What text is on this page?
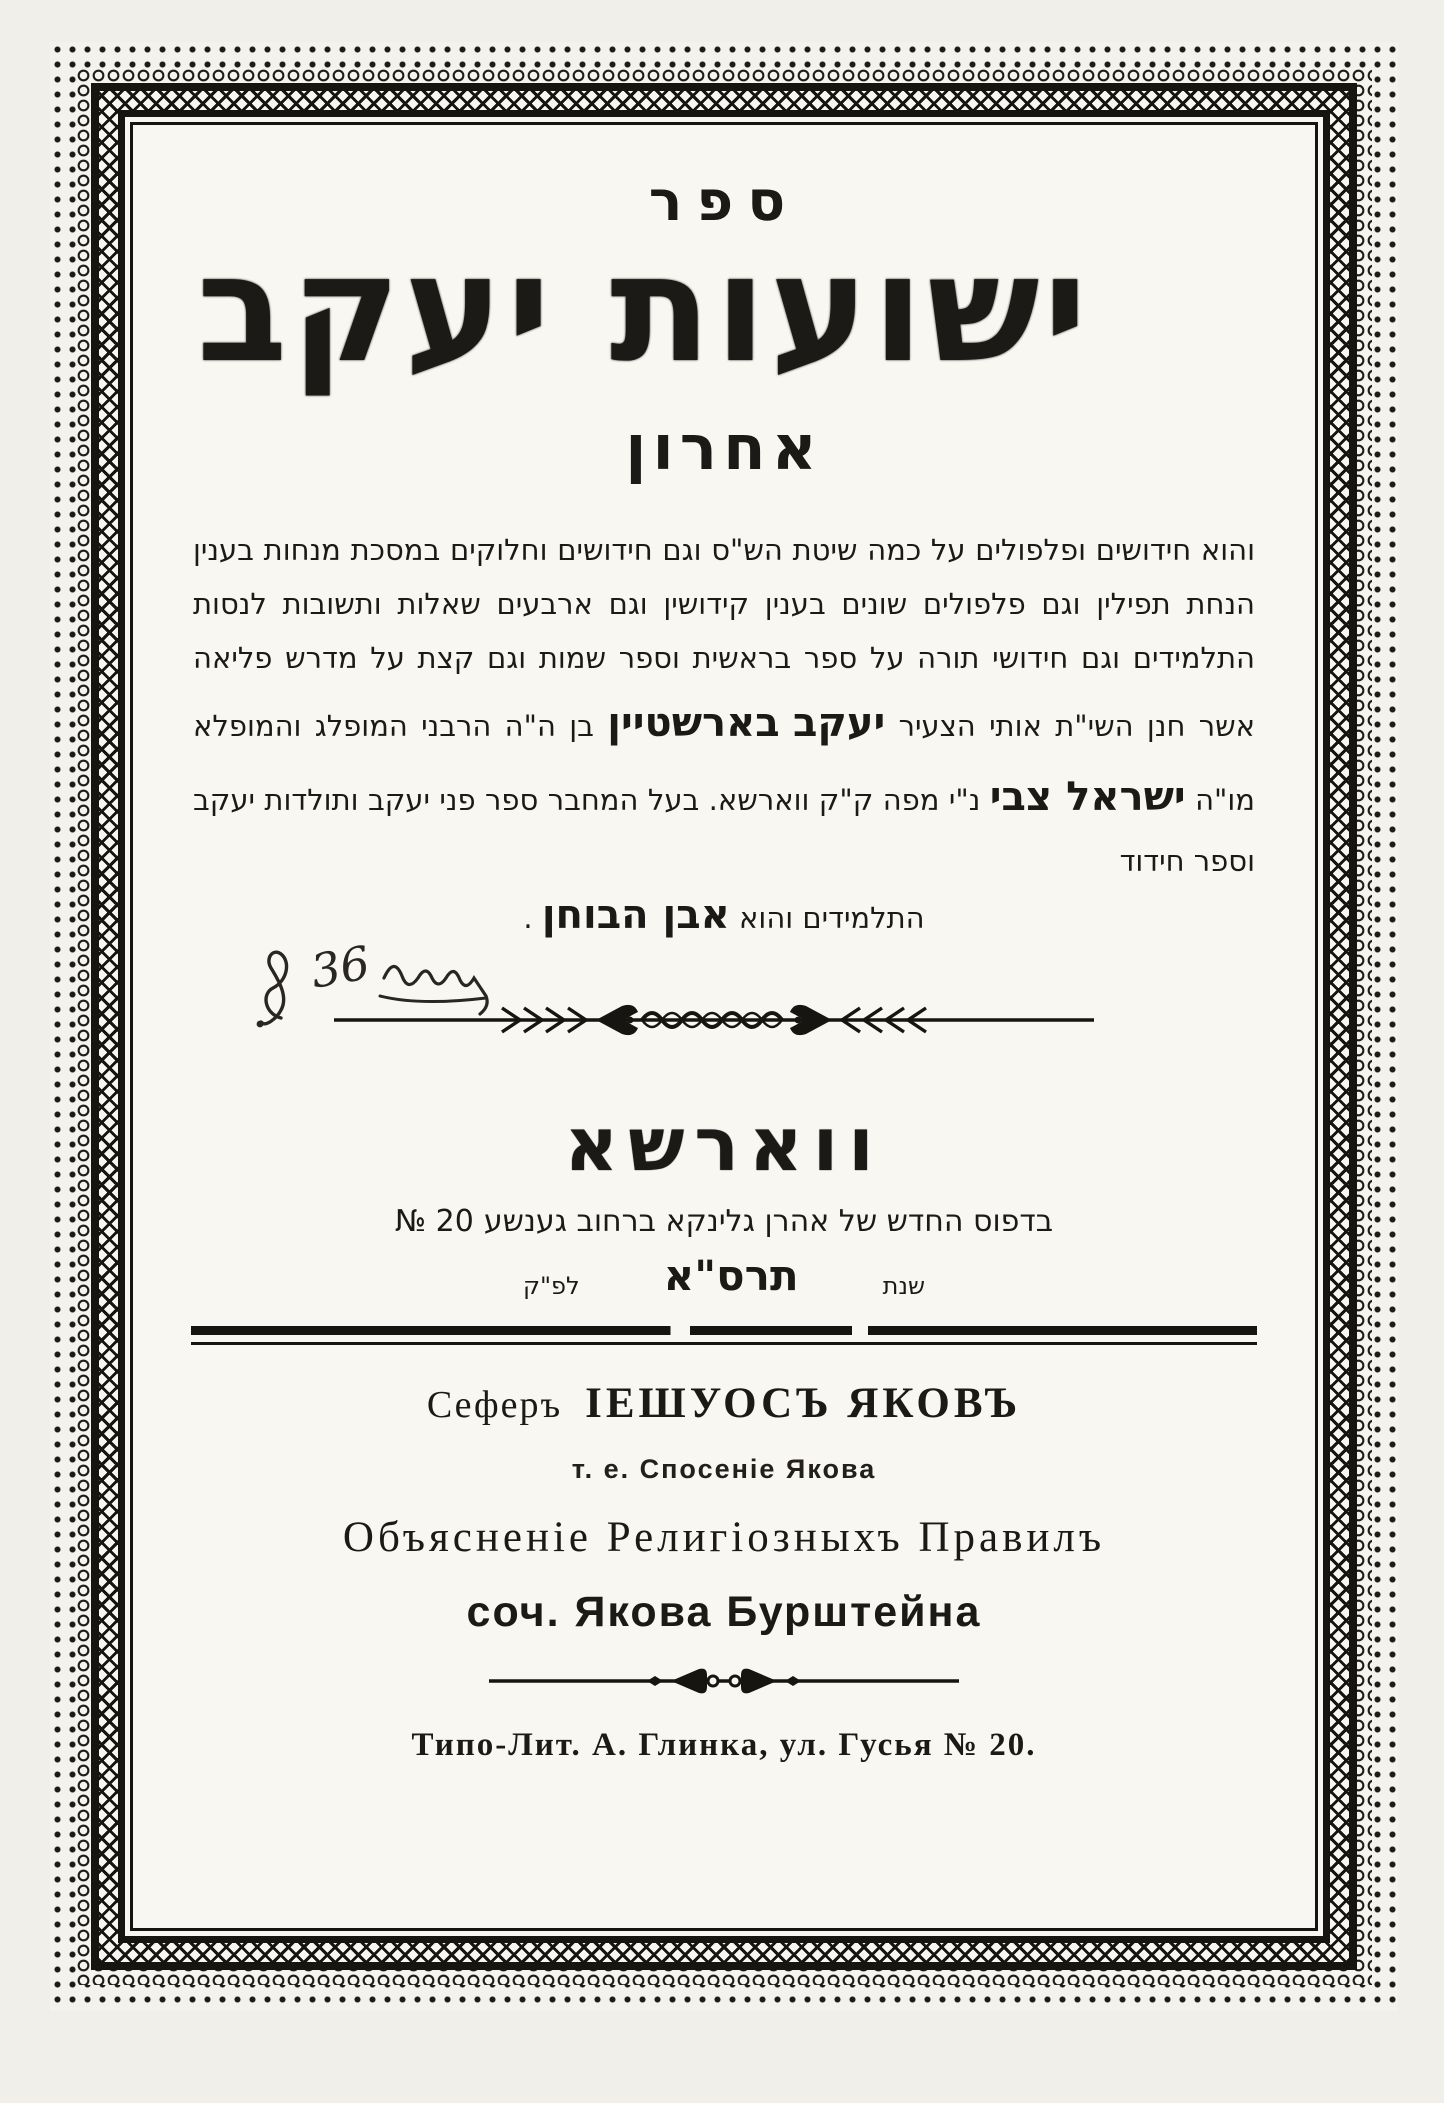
ספר
ישועות יעקב
אחרון

והוא חידושים ופלפולים על כמה שיטת הש"ס וגם חידושים וחלוקים במסכת מנחות בענין הנחת תפילין וגם פלפולים שונים בענין קידושין וגם ארבעים שאלות ותשובות לנסות התלמידים וגם חידושי תורה על ספר בראשית וספר שמות וגם קצת על מדרש פליאה אשר חנן השי"ת אותי הצעיר יעקב בארשטיין בן ה"ה הרבני המופלג והמופלא מו"ה ישראל צבי נ"י מפה ק"ק ווארשא. בעל המחבר ספר פני יעקב ותולדות יעקב וספר חידוד

התלמידים והוא אבן הבוחן .
36
ווארשא
בדפוס החדש של אהרן גלינקא ברחוב גענשע№ 20
שנת
תרס"א
לפ"ק
Сеферъ ІЕШУОСЪ ЯКОВЪ
т. е. Спосеніе Якова
Объясненіе Религіозныхъ Правилъ
соч. Якова Бурштейна
Типо-Лит. А. Глинка, ул. Гусья № 20.
